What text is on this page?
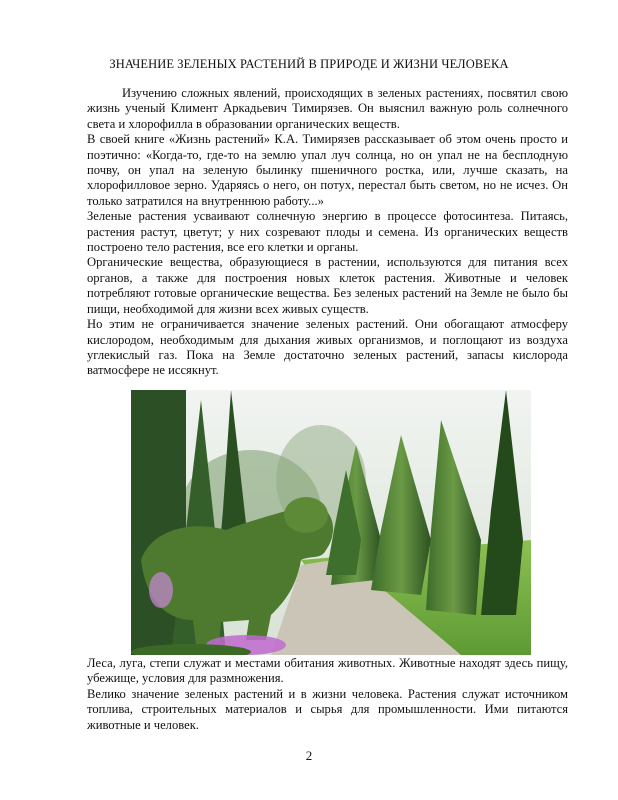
ЗНАЧЕНИЕ ЗЕЛЕНЫХ РАСТЕНИЙ В ПРИРОДЕ И ЖИЗНИ ЧЕЛОВЕКА

Изучению сложных явлений, происходящих в зеленых растениях, посвятил свою жизнь ученый Климент Аркадьевич Тимирязев. Он выяснил важную роль солнечного света и хлорофилла в образовании органических веществ.

В своей книге «Жизнь растений» К.А. Тимирязев рассказывает об этом очень просто и поэтично: «Когда-то, где-то на землю упал луч солнца, но он упал не на бесплодную почву, он упал на зеленую былинку пшеничного ростка, или, лучше сказать, на хлорофилловое зерно. Ударяясь о него, он потух, перестал быть светом, но не исчез. Он только затратился на внутреннюю работу...»

Зеленые растения усваивают солнечную энергию в процессе фотосинтеза. Питаясь, растения растут, цветут; у них созревают плоды и семена. Из органических веществ построено тело растения, все его клетки и органы.

Органические вещества, образующиеся в растении, используются для питания всех органов, а также для построения новых клеток растения. Животные и человек потребляют готовые органические вещества. Без зеленых растений на Земле не было бы пищи, необходимой для жизни всех живых существ.

Но этим не ограничивается значение зеленых растений. Они обогащают атмосферу кислородом, необходимым для дыхания живых организмов, и поглощают из воздуха углекислый газ. Пока на Земле достаточно зеленых растений, запасы кислорода ватмосфере не иссякнут.

Леса, луга, степи служат и местами обитания животных. Животные находят здесь пищу, убежище, условия для размножения.

Велико значение зеленых растений и в жизни человека. Растения служат источником топлива, строительных материалов и сырья для промышленности. Ими питаются животные и человек.

2
